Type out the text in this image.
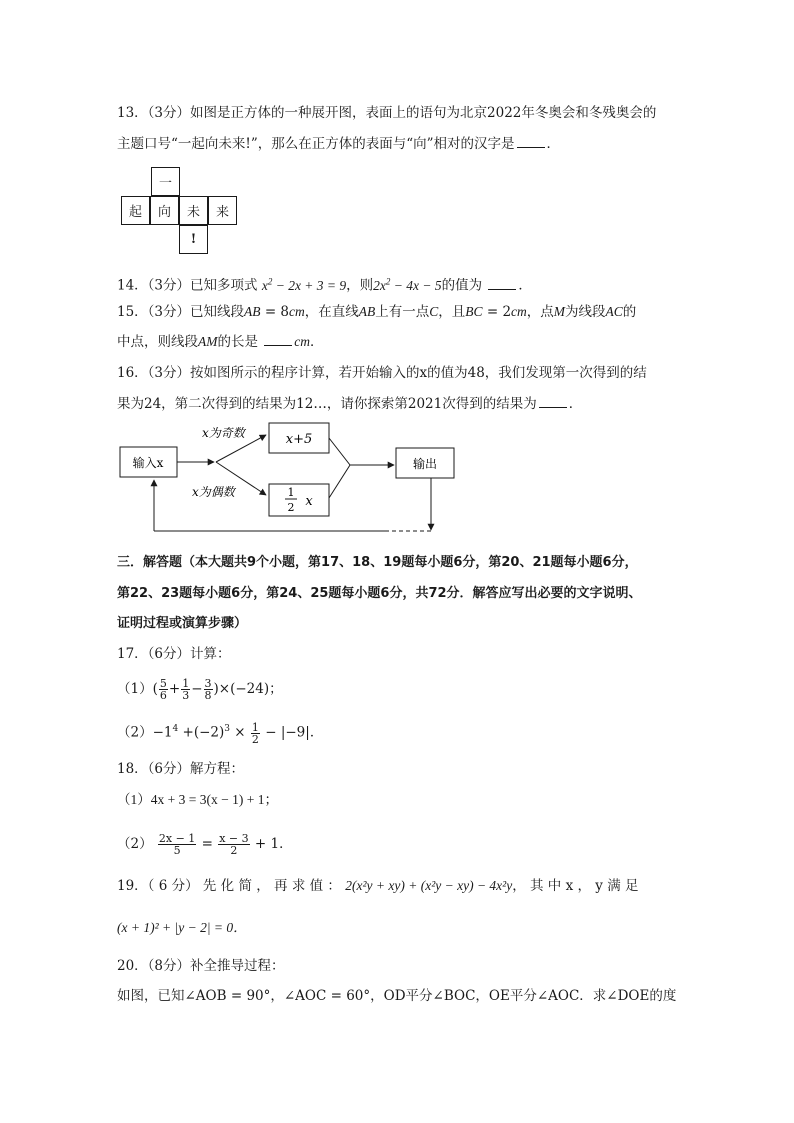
13．（3分）如图是正方体的一种展开图，表面上的语句为北京2022年冬奥会和冬残奥会的
主题口号“一起向未来!”，那么在正方体的表面与“向”相对的汉字是 ．
一
起	向	未	来
!
14．（3分）已知多项式 $x^2 - 2x + 3 = 9$，则$2x^2 - 4x - 5$的值为	．
15．（3分）已知线段AB = 8cm，在直线AB上有一点C，且BC = 2cm，点M为线段AC的
中点，则线段AM的长是	cm．
16．（3分）按如图所示的程序计算，若开始输入的x的值为48，我们发现第一次得到的结
果为24，第二次得到的结果为12…，请你探索第2021次得到的结果为 ．
输入x
x为奇数
x为偶数
x+5
1
2 x
输出
三．解答题（本大题共9个小题，第17、18、19题每小题6分，第20、21题每小题6分，
第22、23题每小题6分，第24、25题每小题6分，共72分．解答应写出必要的文字说明、
证明过程或演算步骤）
17．（6分）计算：
$(1)( \frac{5}{6} + \frac{1}{3} - \frac{3}{8} )\times(-24)$；
$(2)-1^4 +(-2)^3 \times \frac{1}{2} - |-9|$．
18．（6分）解方程：
（1）4x + 3 = 3(x − 1) + 1；
$(2) \frac{2x - 1}{5} = \frac{x - 3}{2} + 1$．
19．（ 6 分） 先 化 简 ， 再 求 值 ： 2(x²y + xy) + (x²y − xy) − 4x²y， 其 中 x ， y 满 足
(x + 1)² + |y − 2| = 0．
20．（8分）补全推导过程：
如图，已知∠AOB = 90°，∠AOC = 60°，OD平分∠BOC，OE平分∠AOC．求∠DOE的度
